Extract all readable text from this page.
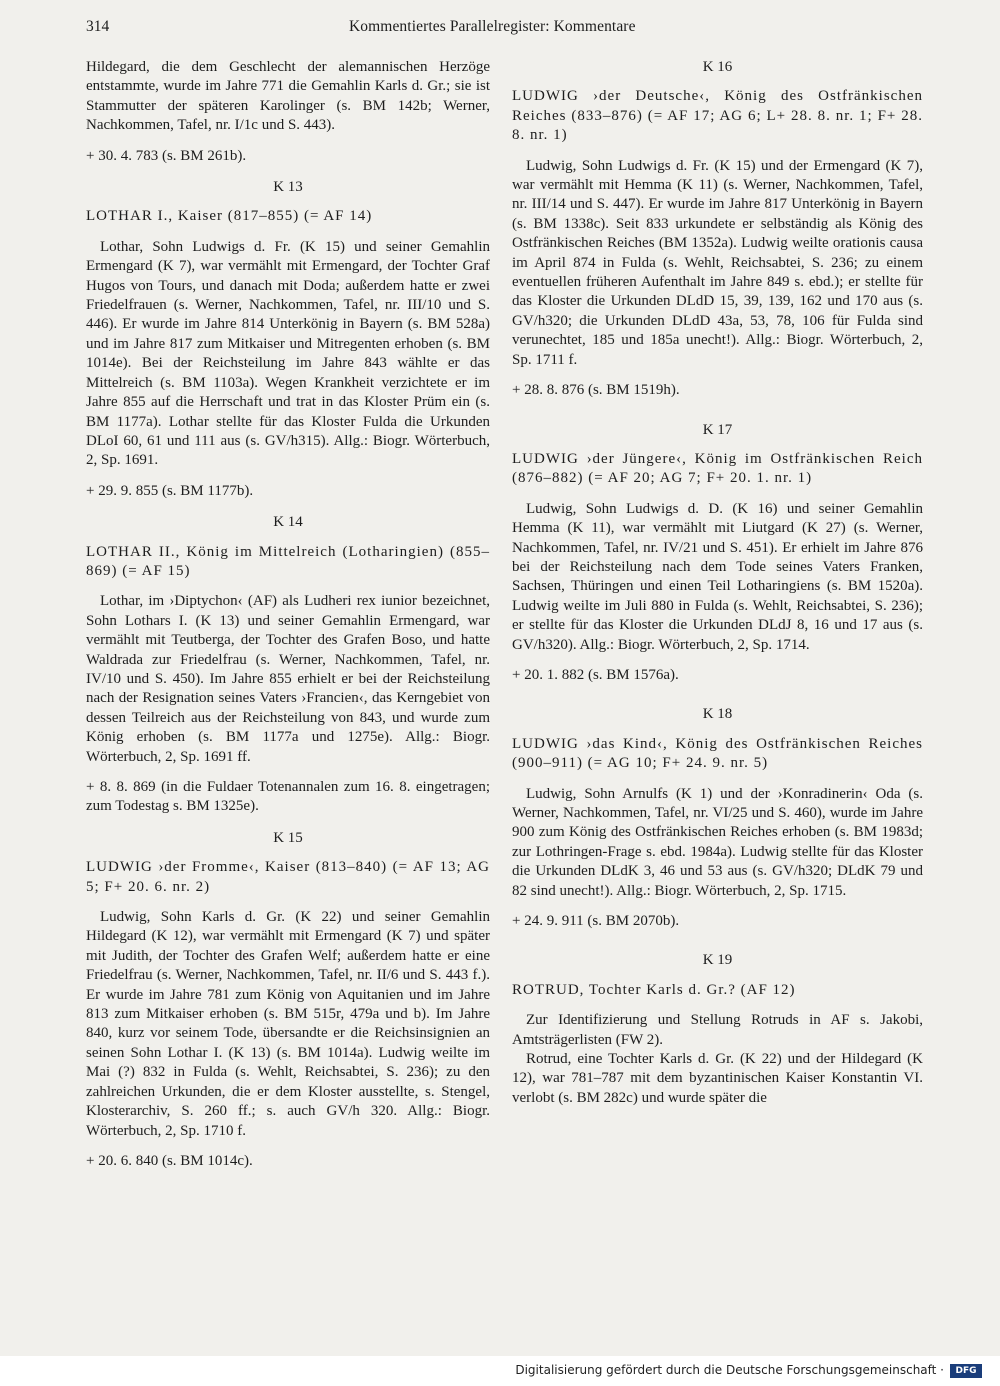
314	Kommentiertes Parallelregister: Kommentare

Hildegard, die dem Geschlecht der alemannischen Herzöge entstammte, wurde im Jahre 771 die Gemahlin Karls d. Gr.; sie ist Stammutter der späteren Karolinger (s. BM 142b; Werner, Nachkommen, Tafel, nr. I/1c und S. 443).

+ 30. 4. 783 (s. BM 261b).

K 13

LOTHAR I., Kaiser (817–855) (= AF 14)

Lothar, Sohn Ludwigs d. Fr. (K 15) und seiner Gemahlin Ermengard (K 7), war vermählt mit Ermengard, der Tochter Graf Hugos von Tours, und danach mit Doda; außerdem hatte er zwei Friedelfrauen (s. Werner, Nachkommen, Tafel, nr. III/10 und S. 446). Er wurde im Jahre 814 Unterkönig in Bayern (s. BM 528a) und im Jahre 817 zum Mitkaiser und Mitregenten erhoben (s. BM 1014e). Bei der Reichsteilung im Jahre 843 wählte er das Mittelreich (s. BM 1103a). Wegen Krankheit verzichtete er im Jahre 855 auf die Herrschaft und trat in das Kloster Prüm ein (s. BM 1177a). Lothar stellte für das Kloster Fulda die Urkunden DLoI 60, 61 und 111 aus (s. GV/h315). Allg.: Biogr. Wörterbuch, 2, Sp. 1691.

+ 29. 9. 855 (s. BM 1177b).

K 14

LOTHAR II., König im Mittelreich (Lotharingien) (855–869) (= AF 15)

Lothar, im ›Diptychon‹ (AF) als Ludheri rex iunior bezeichnet, Sohn Lothars I. (K 13) und seiner Gemahlin Ermengard, war vermählt mit Teutberga, der Tochter des Grafen Boso, und hatte Waldrada zur Friedelfrau (s. Werner, Nachkommen, Tafel, nr. IV/10 und S. 450). Im Jahre 855 erhielt er bei der Reichsteilung nach der Resignation seines Vaters ›Francien‹, das Kerngebiet von dessen Teilreich aus der Reichsteilung von 843, und wurde zum König erhoben (s. BM 1177a und 1275e). Allg.: Biogr. Wörterbuch, 2, Sp. 1691 ff.

+ 8. 8. 869 (in die Fuldaer Totenannalen zum 16. 8. eingetragen; zum Todestag s. BM 1325e).

K 15

LUDWIG ›der Fromme‹, Kaiser (813–840) (= AF 13; AG 5; F+ 20. 6. nr. 2)

Ludwig, Sohn Karls d. Gr. (K 22) und seiner Gemahlin Hildegard (K 12), war vermählt mit Ermengard (K 7) und später mit Judith, der Tochter des Grafen Welf; außerdem hatte er eine Friedelfrau (s. Werner, Nachkommen, Tafel, nr. II/6 und S. 443 f.). Er wurde im Jahre 781 zum König von Aquitanien und im Jahre 813 zum Mitkaiser erhoben (s. BM 515r, 479a und b). Im Jahre 840, kurz vor seinem Tode, übersandte er die Reichsinsignien an seinen Sohn Lothar I. (K 13) (s. BM 1014a). Ludwig weilte im Mai (?) 832 in Fulda (s. Wehlt, Reichsabtei, S. 236); zu den zahlreichen Urkunden, die er dem Kloster ausstellte, s. Stengel, Klosterarchiv, S. 260 ff.; s. auch GV/h 320. Allg.: Biogr. Wörterbuch, 2, Sp. 1710 f.

+ 20. 6. 840 (s. BM 1014c).

K 16

LUDWIG ›der Deutsche‹, König des Ostfränkischen Reiches (833–876) (= AF 17; AG 6; L+ 28. 8. nr. 1; F+ 28. 8. nr. 1)

Ludwig, Sohn Ludwigs d. Fr. (K 15) und der Ermengard (K 7), war vermählt mit Hemma (K 11) (s. Werner, Nachkommen, Tafel, nr. III/14 und S. 447). Er wurde im Jahre 817 Unterkönig in Bayern (s. BM 1338c). Seit 833 urkundete er selbständig als König des Ostfränkischen Reiches (BM 1352a). Ludwig weilte orationis causa im April 874 in Fulda (s. Wehlt, Reichsabtei, S. 236; zu einem eventuellen früheren Aufenthalt im Jahre 849 s. ebd.); er stellte für das Kloster die Urkunden DLdD 15, 39, 139, 162 und 170 aus (s. GV/h320; die Urkunden DLdD 43a, 53, 78, 106 für Fulda sind verunechtet, 185 und 185a unecht!). Allg.: Biogr. Wörterbuch, 2, Sp. 1711 f.

+ 28. 8. 876 (s. BM 1519h).

K 17

LUDWIG ›der Jüngere‹, König im Ostfränkischen Reich (876–882) (= AF 20; AG 7; F+ 20. 1. nr. 1)

Ludwig, Sohn Ludwigs d. D. (K 16) und seiner Gemahlin Hemma (K 11), war vermählt mit Liutgard (K 27) (s. Werner, Nachkommen, Tafel, nr. IV/21 und S. 451). Er erhielt im Jahre 876 bei der Reichsteilung nach dem Tode seines Vaters Franken, Sachsen, Thüringen und einen Teil Lotharingiens (s. BM 1520a). Ludwig weilte im Juli 880 in Fulda (s. Wehlt, Reichsabtei, S. 236); er stellte für das Kloster die Urkunden DLdJ 8, 16 und 17 aus (s. GV/h320). Allg.: Biogr. Wörterbuch, 2, Sp. 1714.

+ 20. 1. 882 (s. BM 1576a).

K 18

LUDWIG ›das Kind‹, König des Ostfränkischen Reiches (900–911) (= AG 10; F+ 24. 9. nr. 5)

Ludwig, Sohn Arnulfs (K 1) und der ›Konradinerin‹ Oda (s. Werner, Nachkommen, Tafel, nr. VI/25 und S. 460), wurde im Jahre 900 zum König des Ostfränkischen Reiches erhoben (s. BM 1983d; zur Lothringen-Frage s. ebd. 1984a). Ludwig stellte für das Kloster die Urkunden DLdK 3, 46 und 53 aus (s. GV/h320; DLdK 79 und 82 sind unecht!). Allg.: Biogr. Wörterbuch, 2, Sp. 1715.

+ 24. 9. 911 (s. BM 2070b).

K 19

ROTRUD, Tochter Karls d. Gr.? (AF 12)

Zur Identifizierung und Stellung Rotruds in AF s. Jakobi, Amtsträgerlisten (FW 2).

Rotrud, eine Tochter Karls d. Gr. (K 22) und der Hildegard (K 12), war 781–787 mit dem byzantinischen Kaiser Konstantin VI. verlobt (s. BM 282c) und wurde später die

Digitalisierung gefördert durch die Deutsche Forschungsgemeinschaft ·	DFG
